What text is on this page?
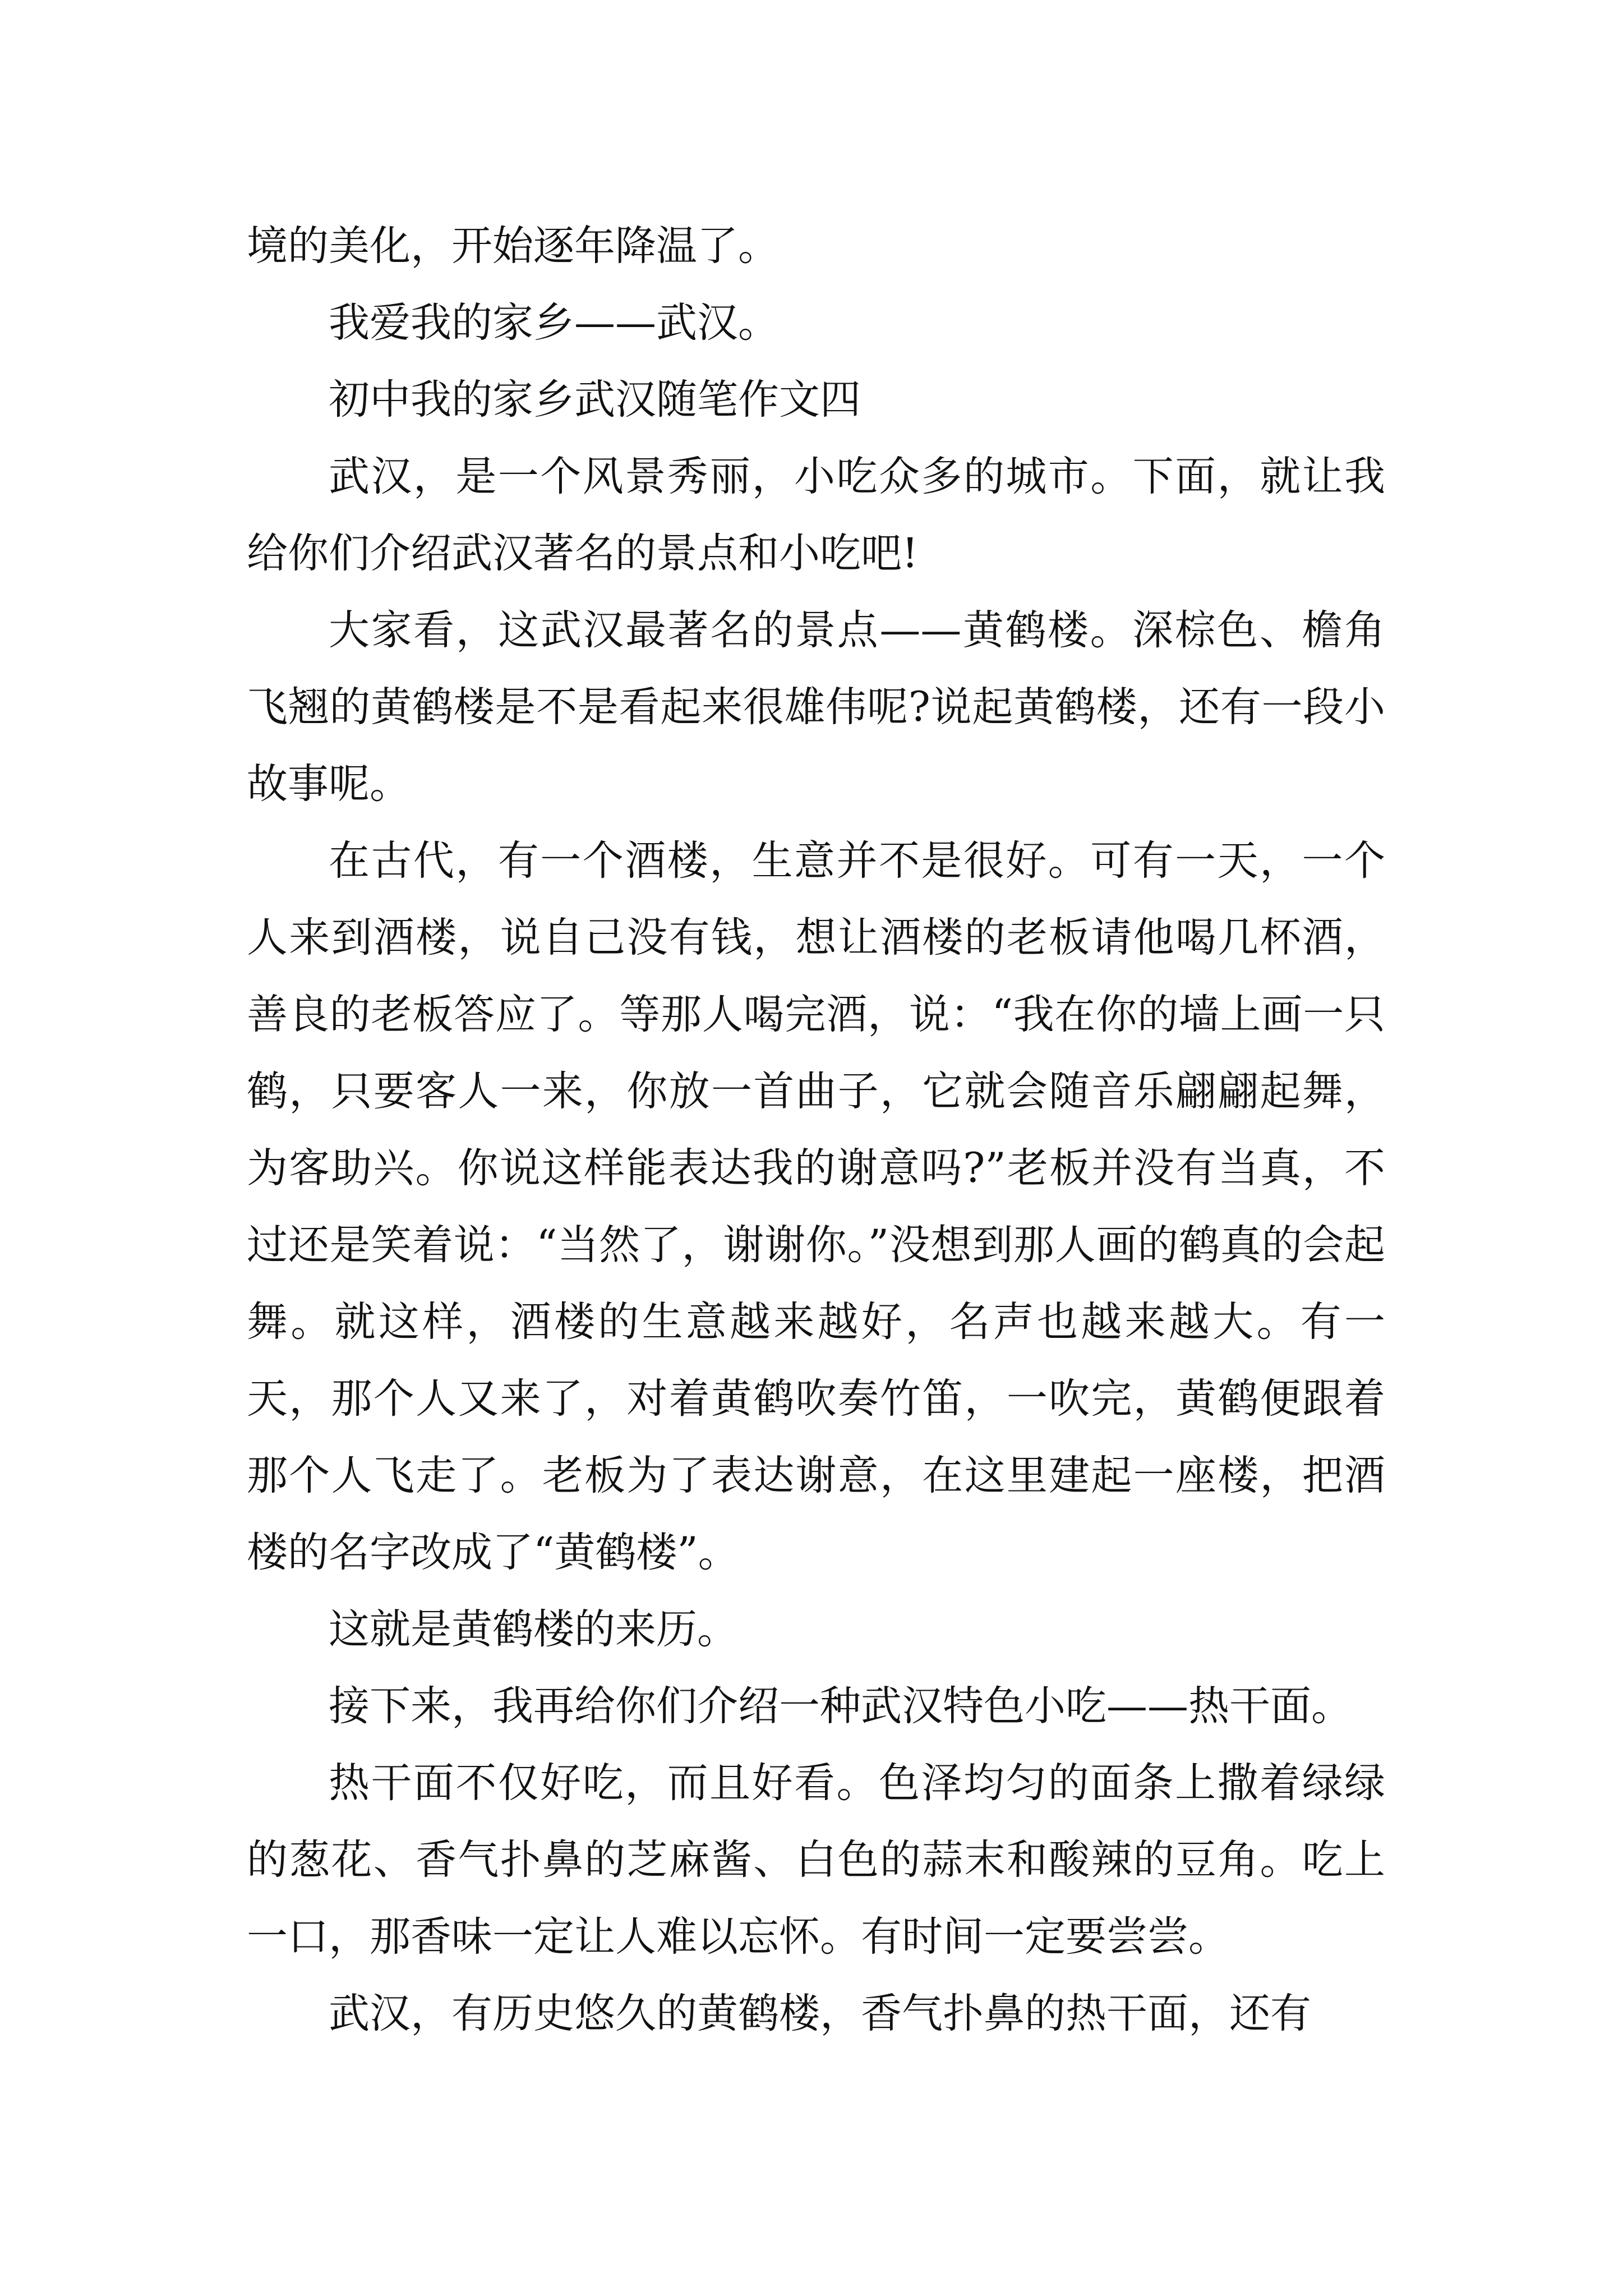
境的美化，开始逐年降温了。

我爱我的家乡——武汉。

初中我的家乡武汉随笔作文四

武汉，是一个风景秀丽，小吃众多的城市。下面，就让我给你们介绍武汉著名的景点和小吃吧!

大家看，这武汉最著名的景点——黄鹤楼。深棕色、檐角飞翘的黄鹤楼是不是看起来很雄伟呢?说起黄鹤楼，还有一段小故事呢。

在古代，有一个酒楼，生意并不是很好。可有一天，一个人来到酒楼，说自己没有钱，想让酒楼的老板请他喝几杯酒，善良的老板答应了。等那人喝完酒，说：“我在你的墙上画一只鹤，只要客人一来，你放一首曲子，它就会随音乐翩翩起舞，为客助兴。你说这样能表达我的谢意吗?”老板并没有当真，不过还是笑着说：“当然了，谢谢你。”没想到那人画的鹤真的会起舞。就这样，酒楼的生意越来越好，名声也越来越大。有一天，那个人又来了，对着黄鹤吹奏竹笛，一吹完，黄鹤便跟着那个人飞走了。老板为了表达谢意，在这里建起一座楼，把酒楼的名字改成了“黄鹤楼”。

这就是黄鹤楼的来历。

接下来，我再给你们介绍一种武汉特色小吃——热干面。

热干面不仅好吃，而且好看。色泽均匀的面条上撒着绿绿的葱花、香气扑鼻的芝麻酱、白色的蒜末和酸辣的豆角。吃上一口，那香味一定让人难以忘怀。有时间一定要尝尝。

武汉，有历史悠久的黄鹤楼，香气扑鼻的热干面，还有
